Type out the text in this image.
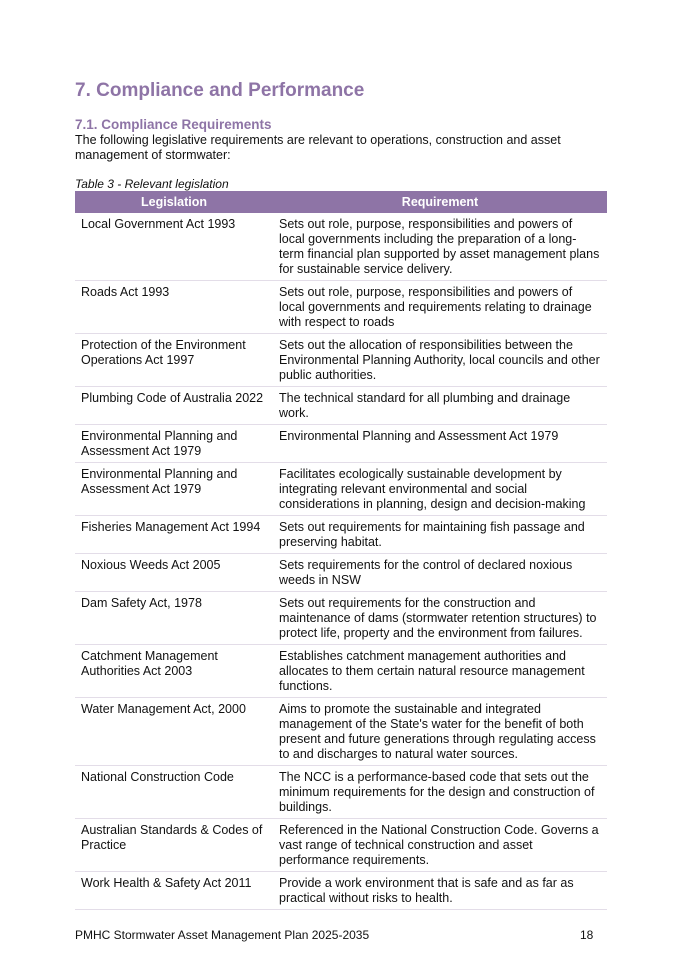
7. Compliance and Performance
7.1. Compliance Requirements
The following legislative requirements are relevant to operations, construction and asset management of stormwater:
Table 3 - Relevant legislation
Legislation	Requirement
Local Government Act 1993	Sets out role, purpose, responsibilities and powers of local governments including the preparation of a long-term financial plan supported by asset management plans for sustainable service delivery.
Roads Act 1993	Sets out role, purpose, responsibilities and powers of local governments and requirements relating to drainage with respect to roads
Protection of the Environment Operations Act 1997	Sets out the allocation of responsibilities between the Environmental Planning Authority, local councils and other public authorities.
Plumbing Code of Australia 2022	The technical standard for all plumbing and drainage work.
Environmental Planning and Assessment Act 1979	Environmental Planning and Assessment Act 1979
Environmental Planning and Assessment Act 1979	Facilitates ecologically sustainable development by integrating relevant environmental and social considerations in planning, design and decision-making
Fisheries Management Act 1994	Sets out requirements for maintaining fish passage and preserving habitat.
Noxious Weeds Act 2005	Sets requirements for the control of declared noxious weeds in NSW
Dam Safety Act, 1978	Sets out requirements for the construction and maintenance of dams (stormwater retention structures) to protect life, property and the environment from failures.
Catchment Management Authorities Act 2003	Establishes catchment management authorities and allocates to them certain natural resource management functions.
Water Management Act, 2000	Aims to promote the sustainable and integrated management of the State's water for the benefit of both present and future generations through regulating access to and discharges to natural water sources.
National Construction Code	The NCC is a performance-based code that sets out the minimum requirements for the design and construction of buildings.
Australian Standards & Codes of Practice	Referenced in the National Construction Code. Governs a vast range of technical construction and asset performance requirements.
Work Health & Safety Act 2011	Provide a work environment that is safe and as far as practical without risks to health.
PMHC Stormwater Asset Management Plan 2025-2035	18
